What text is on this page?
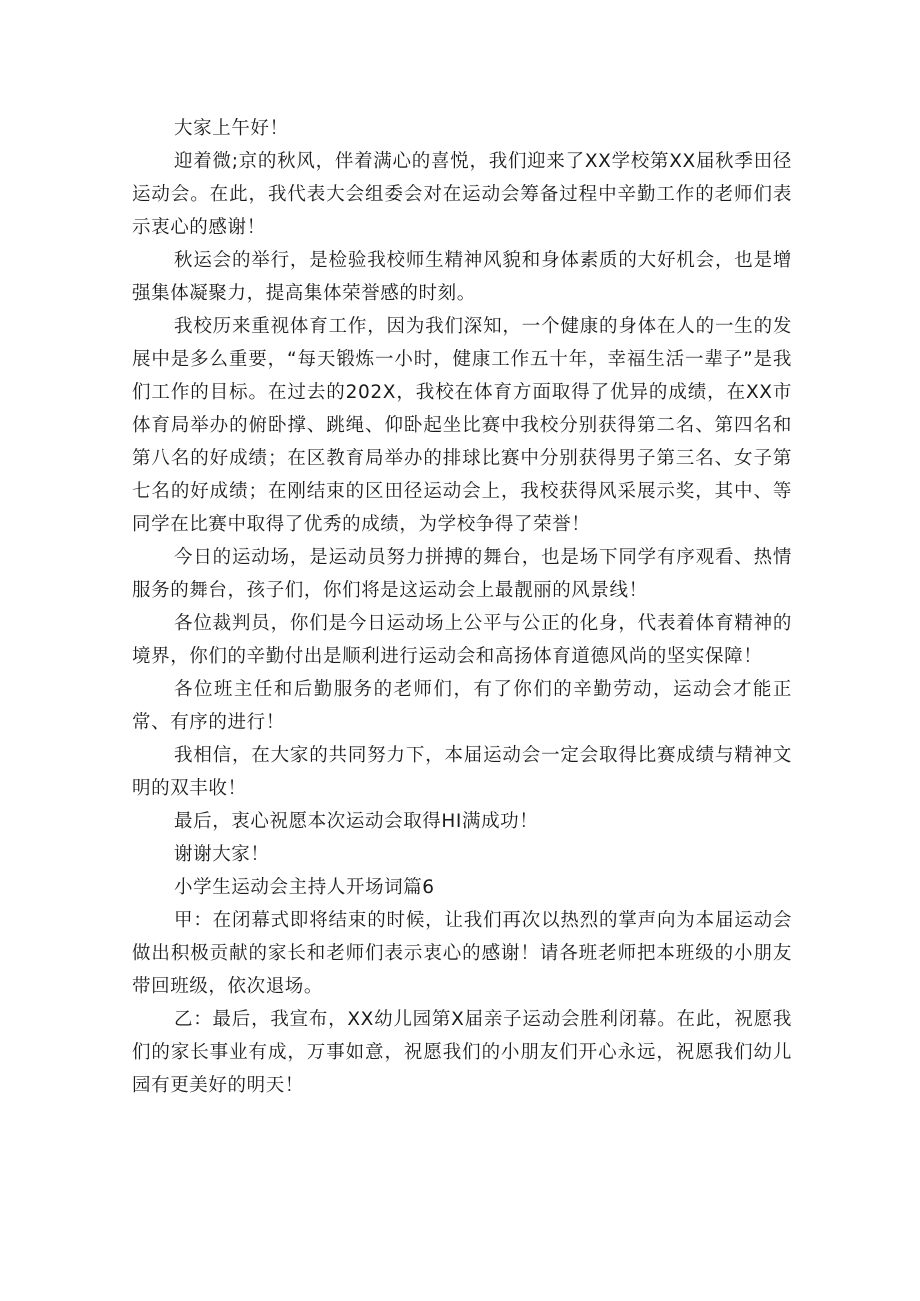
大家上午好！

迎着微;京的秋风，伴着满心的喜悦，我们迎来了XX学校第XX届秋季田径运动会。在此，我代表大会组委会对在运动会筹备过程中辛勤工作的老师们表示衷心的感谢！

秋运会的举行，是检验我校师生精神风貌和身体素质的大好机会，也是增强集体凝聚力，提高集体荣誉感的时刻。

我校历来重视体育工作，因为我们深知，一个健康的身体在人的一生的发展中是多么重要，“每天锻炼一小时，健康工作五十年，幸福生活一辈子”是我们工作的目标。在过去的202X，我校在体育方面取得了优异的成绩，在XX市体育局举办的俯卧撑、跳绳、仰卧起坐比赛中我校分别获得第二名、第四名和第八名的好成绩；在区教育局举办的排球比赛中分别获得男子第三名、女子第七名的好成绩；在刚结束的区田径运动会上，我校获得风采展示奖，其中、等同学在比赛中取得了优秀的成绩，为学校争得了荣誉！

今日的运动场，是运动员努力拼搏的舞台，也是场下同学有序观看、热情服务的舞台，孩子们，你们将是这运动会上最靓丽的风景线！

各位裁判员，你们是今日运动场上公平与公正的化身，代表着体育精神的境界，你们的辛勤付出是顺利进行运动会和高扬体育道德风尚的坚实保障！

各位班主任和后勤服务的老师们，有了你们的辛勤劳动，运动会才能正常、有序的进行！

我相信，在大家的共同努力下，本届运动会一定会取得比赛成绩与精神文明的双丰收！

最后，衷心祝愿本次运动会取得HI满成功！

谢谢大家！

小学生运动会主持人开场词篇6

甲：在闭幕式即将结束的时候，让我们再次以热烈的掌声向为本届运动会做出积极贡献的家长和老师们表示衷心的感谢！请各班老师把本班级的小朋友带回班级，依次退场。

乙：最后，我宣布，XX幼儿园第X届亲子运动会胜利闭幕。在此，祝愿我们的家长事业有成，万事如意，祝愿我们的小朋友们开心永远，祝愿我们幼儿园有更美好的明天！
